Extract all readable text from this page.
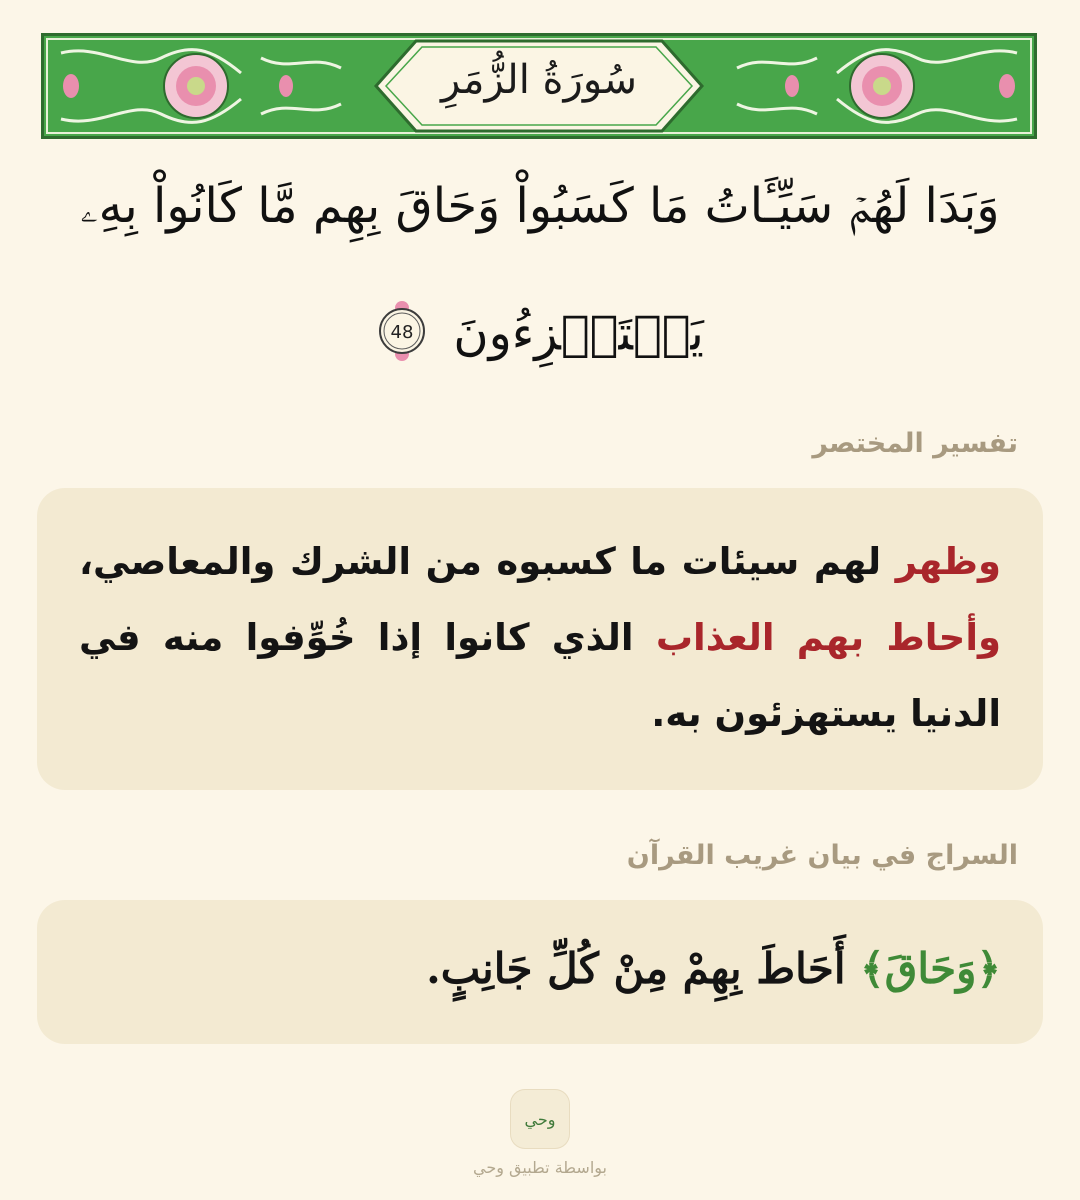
سُورَةُ الزُّمَرِ
وَبَدَا لَهُمۡ سَيِّـَٔاتُ مَا كَسَبُواْ وَحَاقَ بِهِم مَّا كَانُواْ بِهِۦ
يَسۡتَهۡزِءُونَ
48
تفسير المختصر

وظهر لهم سيئات ما كسبوه من الشرك والمعاصي، وأحاط بهم العذاب الذي كانوا إذا خُوِّفوا منه في الدنيا يستهزئون به.

السراج في بيان غريب القرآن

﴿وَحَاقَ﴾ أَحَاطَ بِهِمْ مِنْ كُلِّ جَانِبٍ.

وحي
بواسطة تطبيق وحي
